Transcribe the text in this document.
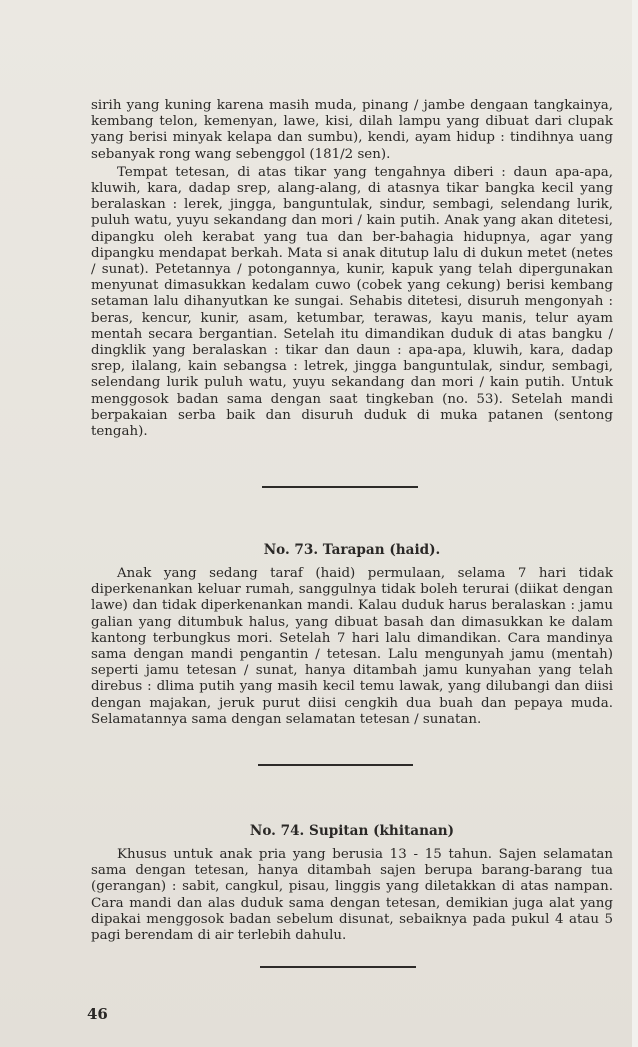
sirih yang kuning karena masih muda, pinang / jambe dengaan tangkainya, kembang telon, kemenyan, lawe, kisi, dilah lampu yang dibuat dari clupak yang berisi minyak kelapa dan sumbu), kendi, ayam hidup : tindihnya uang sebanyak rong wang sebenggol (181/2 sen).

Tempat tetesan, di atas tikar yang tengahnya diberi : daun apa-apa, kluwih, kara, dadap srep, alang-alang, di atasnya tikar bangka kecil yang beralaskan : lerek, jingga, banguntulak, sindur, sembagi, selendang lurik, puluh watu, yuyu sekandang dan mori / kain putih. Anak yang akan ditetesi, dipangku oleh kerabat yang tua dan ber-bahagia hidupnya, agar yang dipangku mendapat berkah. Mata si anak ditutup lalu di dukun metet (netes / sunat). Petetannya / potongannya, kunir, kapuk yang telah dipergunakan menyunat dimasukkan kedalam cuwo (cobek yang cekung) berisi kembang setaman lalu dihanyutkan ke sungai. Sehabis ditetesi, disuruh mengonyah : beras, kencur, kunir, asam, ketumbar, terawas, kayu manis, telur ayam mentah secara bergantian. Setelah itu dimandikan duduk di atas bangku / dingklik yang beralaskan : tikar dan daun : apa-apa, kluwih, kara, dadap srep, ilalang, kain sebangsa : letrek, jingga banguntulak, sindur, sembagi, selendang lurik puluh watu, yuyu sekandang dan mori / kain putih. Untuk menggosok badan sama dengan saat tingkeban (no. 53). Setelah mandi berpakaian serba baik dan disuruh duduk di muka patanen (sentong tengah).

No. 73. Tarapan (haid).

Anak yang sedang taraf (haid) permulaan, selama 7 hari tidak diperkenankan keluar rumah, sanggulnya tidak boleh terurai (diikat dengan lawe) dan tidak diperkenankan mandi. Kalau duduk harus beralaskan : jamu galian yang ditumbuk halus, yang dibuat basah dan dimasukkan ke dalam kantong terbungkus mori. Setelah 7 hari lalu dimandikan. Cara mandinya sama dengan mandi pengantin / tetesan. Lalu mengunyah jamu (mentah) seperti jamu tetesan / sunat, hanya ditambah jamu kunyahan yang telah direbus : dlima putih yang masih kecil temu lawak, yang dilubangi dan diisi dengan majakan, jeruk purut diisi cengkih dua buah dan pepaya muda. Selamatannya sama dengan selamatan tetesan / sunatan.

No. 74. Supitan (khitanan)

Khusus untuk anak pria yang berusia 13 - 15 tahun. Sajen selamatan sama dengan tetesan, hanya ditambah sajen berupa barang-barang tua (gerangan) : sabit, cangkul, pisau, linggis yang diletakkan di atas nampan. Cara mandi dan alas duduk sama dengan tetesan, demikian juga alat yang dipakai menggosok badan sebelum disunat, sebaiknya pada pukul 4 atau 5 pagi berendam di air terlebih dahulu.

46
